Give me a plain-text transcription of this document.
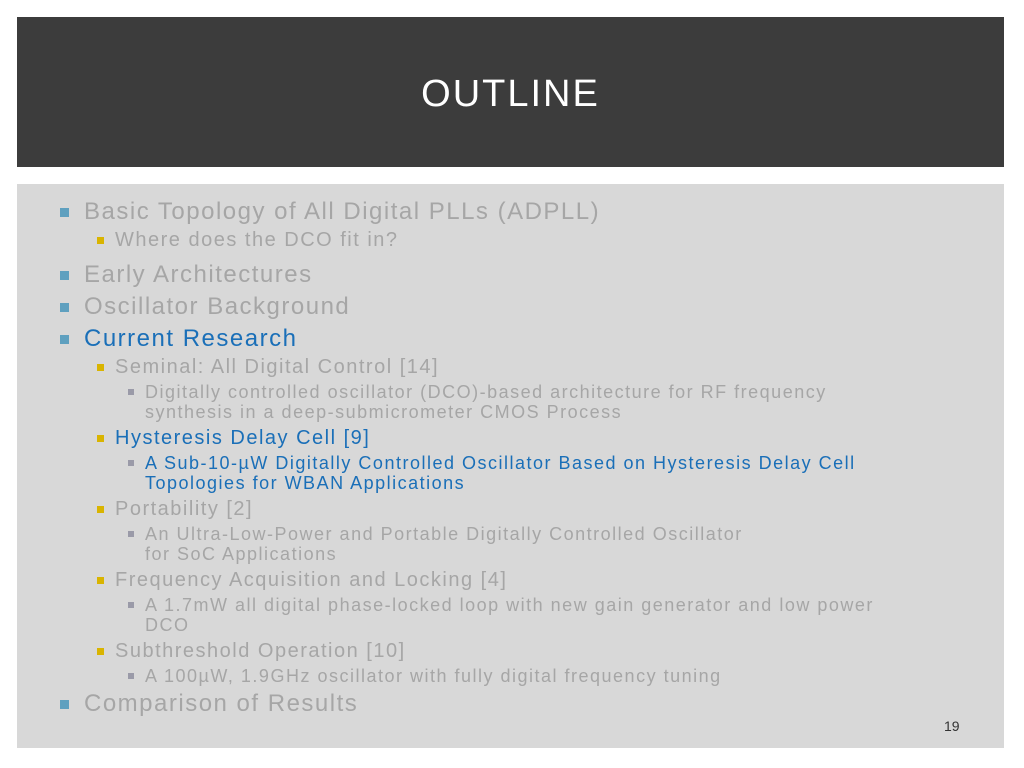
OUTLINE
Basic Topology of All Digital PLLs (ADPLL)
Where does the DCO fit in?
Early Architectures
Oscillator Background
Current Research
Seminal: All Digital Control [14]
Digitally controlled oscillator (DCO)-based architecture for RF frequency
synthesis in a deep-submicrometer CMOS Process
Hysteresis Delay Cell [9]
A Sub-10-µW Digitally Controlled Oscillator Based on Hysteresis Delay Cell
Topologies for WBAN Applications
Portability [2]
An Ultra-Low-Power and Portable Digitally Controlled Oscillator
for SoC Applications
Frequency Acquisition and Locking [4]
A 1.7mW all digital phase-locked loop with new gain generator and low power
DCO
Subthreshold Operation [10]
A 100µW, 1.9GHz oscillator with fully digital frequency tuning
Comparison of Results
19
